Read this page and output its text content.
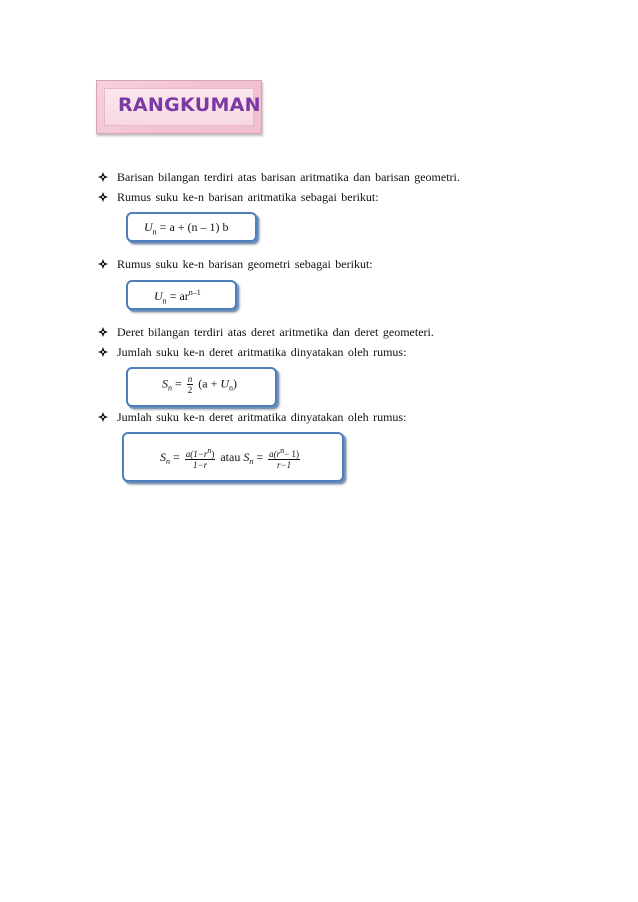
RANGKUMAN
Barisan bilangan terdiri atas barisan aritmatika dan barisan geometri.
Rumus suku ke-n barisan aritmatika sebagai berikut:
$U_n = a + (n - 1)$ b
Rumus suku ke-n barisan geometri sebagai berikut:
$U_n = ar^{n-1}$
Deret bilangan terdiri atas deret aritmetika dan deret geometeri.
Jumlah suku ke-n deret aritmatika dinyatakan oleh rumus:
$S_n = \frac{n}{2} (a + U_n)$
Jumlah suku ke-n deret aritmatika dinyatakan oleh rumus:
$S_n = \frac{a(1-r^n)}{1-r}$ atau $S_n = \frac{a(r^n- 1)}{r-1}$
